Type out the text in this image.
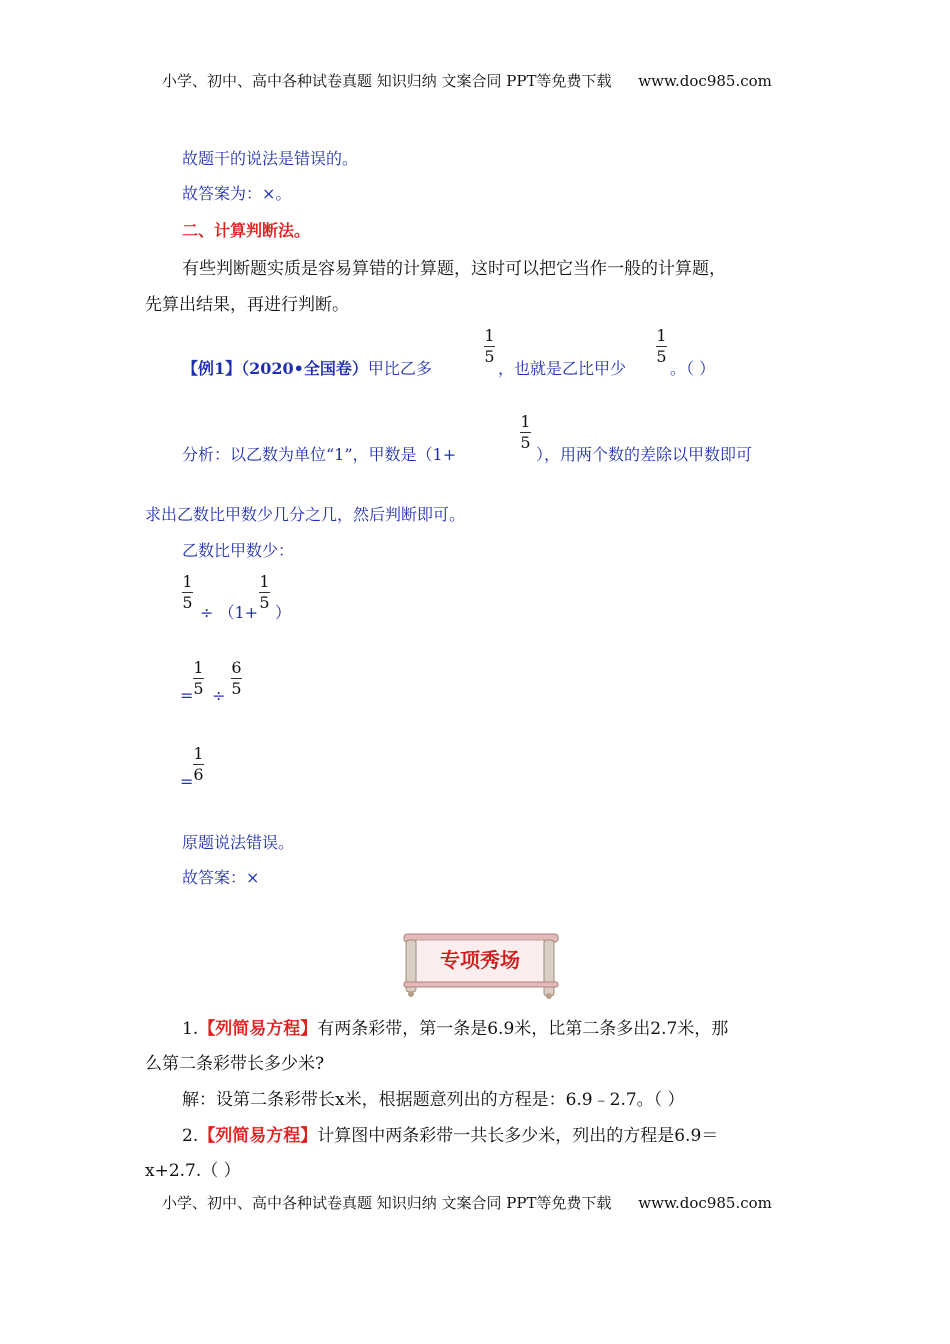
小学、初中、高中各种试卷真题 知识归纳 文案合同 PPT等免费下载 www.doc985.com
故题干的说法是错误的。
故答案为：×。
二、计算判断法。
有些判断题实质是容易算错的计算题，这时可以把它当作一般的计算题，
先算出结果，再进行判断。
【例1】（2020•全国卷）甲比乙多
1
5
，也就是乙比甲少
1
5
。（ ）
分析：以乙数为单位“1”，甲数是（1+
1
5
），用两个数的差除以甲数即可
求出乙数比甲数少几分之几，然后判断即可。
乙数比甲数少：
1
5
÷ （1+
1
5
）
=
1
5 ÷
6
5
=
1
6
原题说法错误。
故答案：×
专项秀场
1.【列简易方程】有两条彩带，第一条是6.9米，比第二条多出2.7米，那
么第二条彩带长多少米?
解：设第二条彩带长x米，根据题意列出的方程是：6.9﹣2.7。（ ）
2.【列简易方程】计算图中两条彩带一共长多少米，列出的方程是6.9＝
x+2.7.（ ）
小学、初中、高中各种试卷真题 知识归纳 文案合同 PPT等免费下载 www.doc985.com
